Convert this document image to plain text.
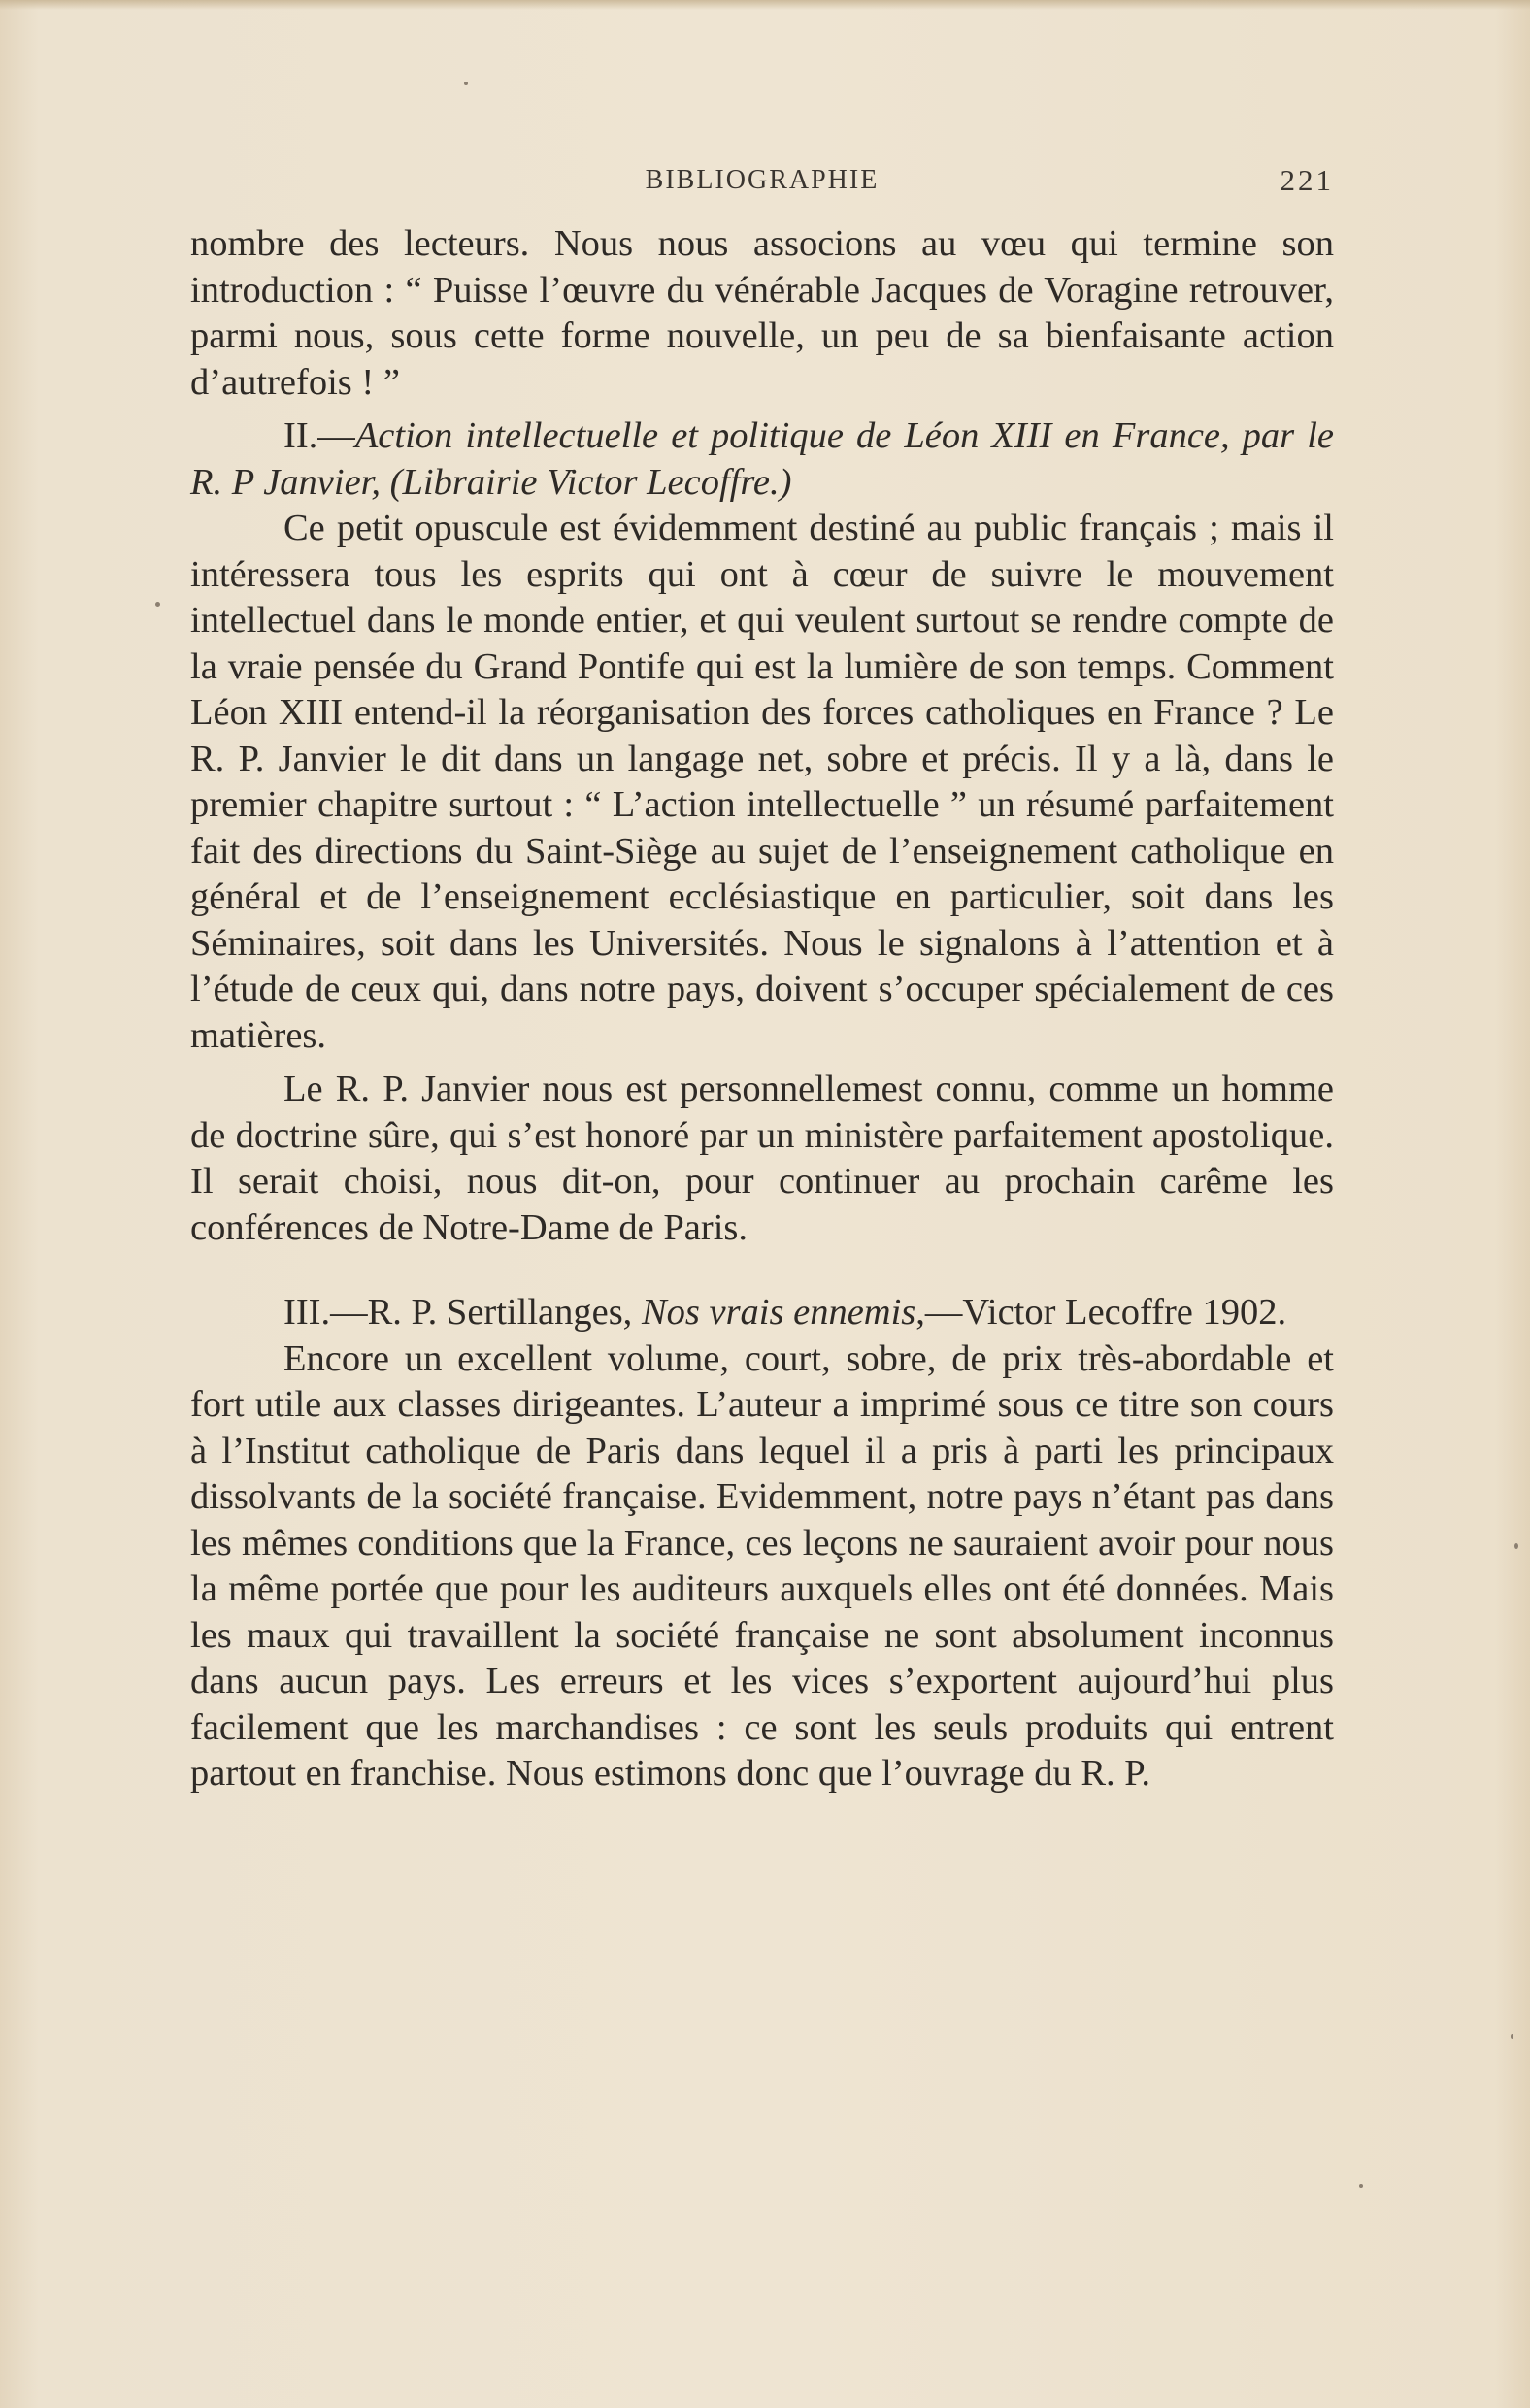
BIBLIOGRAPHIE	221

nombre des lecteurs. Nous nous associons au vœu qui termine son introduction : “ Puisse l’œuvre du vénérable Jacques de Voragine retrouver, parmi nous, sous cette forme nouvelle, un peu de sa bienfaisante action d’autrefois ! ”

II.—Action intellectuelle et politique de Léon XIII en France, par le R. P Janvier, (Librairie Victor Lecoffre.)

Ce petit opuscule est évidemment destiné au public français ; mais il intéressera tous les esprits qui ont à cœur de suivre le mouvement intellectuel dans le monde entier, et qui veulent surtout se rendre compte de la vraie pensée du Grand Pontife qui est la lumière de son temps. Comment Léon XIII entend-il la réorganisation des forces catholiques en France ? Le R. P. Janvier le dit dans un langage net, sobre et précis. Il y a là, dans le premier chapitre surtout : “ L’action intellectuelle ” un résumé parfaitement fait des directions du Saint-Siège au sujet de l’enseignement catholique en général et de l’enseignement ecclésiastique en particulier, soit dans les Séminaires, soit dans les Universités. Nous le signalons à l’attention et à l’étude de ceux qui, dans notre pays, doivent s’occuper spécialement de ces matières.

Le R. P. Janvier nous est personnellemest connu, comme un homme de doctrine sûre, qui s’est honoré par un ministère parfaitement apostolique. Il serait choisi, nous dit-on, pour continuer au prochain carême les conférences de Notre-Dame de Paris.

III.—R. P. Sertillanges, Nos vrais ennemis,—Victor Lecoffre 1902.

Encore un excellent volume, court, sobre, de prix très-abordable et fort utile aux classes dirigeantes. L’auteur a imprimé sous ce titre son cours à l’Institut catholique de Paris dans lequel il a pris à parti les principaux dissolvants de la société française. Evidemment, notre pays n’étant pas dans les mêmes conditions que la France, ces leçons ne sauraient avoir pour nous la même portée que pour les auditeurs auxquels elles ont été données. Mais les maux qui travaillent la société française ne sont absolument inconnus dans aucun pays. Les erreurs et les vices s’exportent aujourd’hui plus facilement que les marchandises : ce sont les seuls produits qui entrent partout en franchise. Nous estimons donc que l’ouvrage du R. P.
